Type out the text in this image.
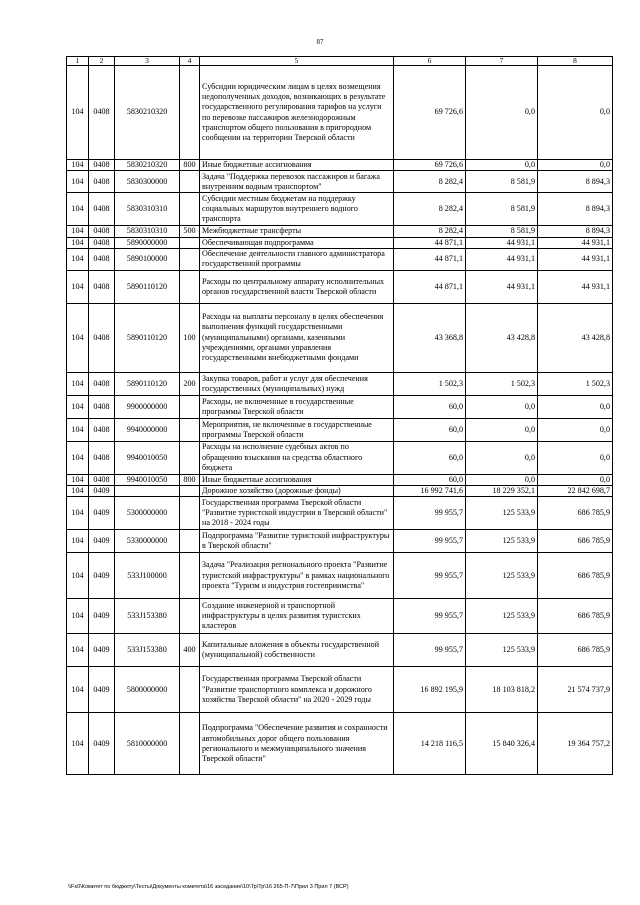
87
1	2	3	4	5	6	7	8
104	0408	5830210320		Субсидии юридическим лицам в целях возмещения недополученных доходов, возникающих в результате государственного регулирования тарифов на услуги по перевозке пассажиров железнодорожным транспортом общего пользования в пригородном сообщении на территории Тверской области	69 726,6	0,0	0,0
104	0408	5830210320	800	Иные бюджетные ассигнования	69 726,6	0,0	0,0
104	0408	5830300000		Задача "Поддержка перевозок пассажиров и багажа внутренним водным транспортом"	8 282,4	8 581,9	8 894,3
104	0408	5830310310		Субсидии местным бюджетам на поддержку социальных маршрутов внутреннего водного транспорта	8 282,4	8 581,9	8 894,3
104	0408	5830310310	500	Межбюджетные трансферты	8 282,4	8 581,9	8 894,3
104	0408	5890000000		Обеспечивающая подпрограмма	44 871,1	44 931,1	44 931,1
104	0408	5890100000		Обеспечение деятельности главного администратора государственной программы	44 871,1	44 931,1	44 931,1
104	0408	5890110120		Расходы по центральному аппарату исполнительных органов государственной власти Тверской области	44 871,1	44 931,1	44 931,1
104	0408	5890110120	100	Расходы на выплаты персоналу в целях обеспечения выполнения функций государственными (муниципальными) органами, казенными учреждениями, органами управления государственными внебюджетными фондами	43 368,8	43 428,8	43 428,8
104	0408	5890110120	200	Закупка товаров, работ и услуг для обеспечения государственных (муниципальных) нужд	1 502,3	1 502,3	1 502,3
104	0408	9900000000		Расходы, не включенные в государственные программы Тверской области	60,0	0,0	0,0
104	0408	9940000000		Мероприятия, не включенные в государственные программы Тверской области	60,0	0,0	0,0
104	0408	9940010050		Расходы на исполнение судебных актов по обращению взыскания на средства областного бюджета	60,0	0,0	0,0
104	0408	9940010050	800	Иные бюджетные ассигнования	60,0	0,0	0,0
104	0409			Дорожное хозяйство (дорожные фонды)	16 992 741,6	18 229 352,1	22 842 698,7
104	0409	5300000000		Государственная программа Тверской области "Развитие туристской индустрии в Тверской области" на 2018 - 2024 годы	99 955,7	125 533,9	686 785,9
104	0409	5330000000		Подпрограмма "Развитие туристской инфраструктуры в Тверской области"	99 955,7	125 533,9	686 785,9
104	0409	533J100000		Задача "Реализация регионального проекта "Развитие туристской инфраструктуры" в рамках национального проекта "Туризм и индустрия гостеприимства"	99 955,7	125 533,9	686 785,9
104	0409	533J153380		Создание инженерной и транспортной инфраструктуры в целях развития туристских кластеров	99 955,7	125 533,9	686 785,9
104	0409	533J153380	400	Капитальные вложения в объекты государственной (муниципальной) собственности	99 955,7	125 533,9	686 785,9
104	0409	5800000000		Государственная программа Тверской области "Развитие транспортного комплекса и дорожного хозяйства Тверской области" на 2020 - 2029 годы	16 892 195,9	18 103 818,2	21 574 737,9
104	0409	5810000000		Подпрограмма "Обеспечение развития и сохранности автомобильных дорог общего пользования регионального и межмуниципального значения Тверской области"	14 218 116,5	15 840 326,4	19 364 757,2
\\Fs0\Комитет по бюджету\Тесты\Документы комитета\16 заседание\10\Тр\Тр\16 265-П-7\Прил 3 Прил 7 (ВСР)
